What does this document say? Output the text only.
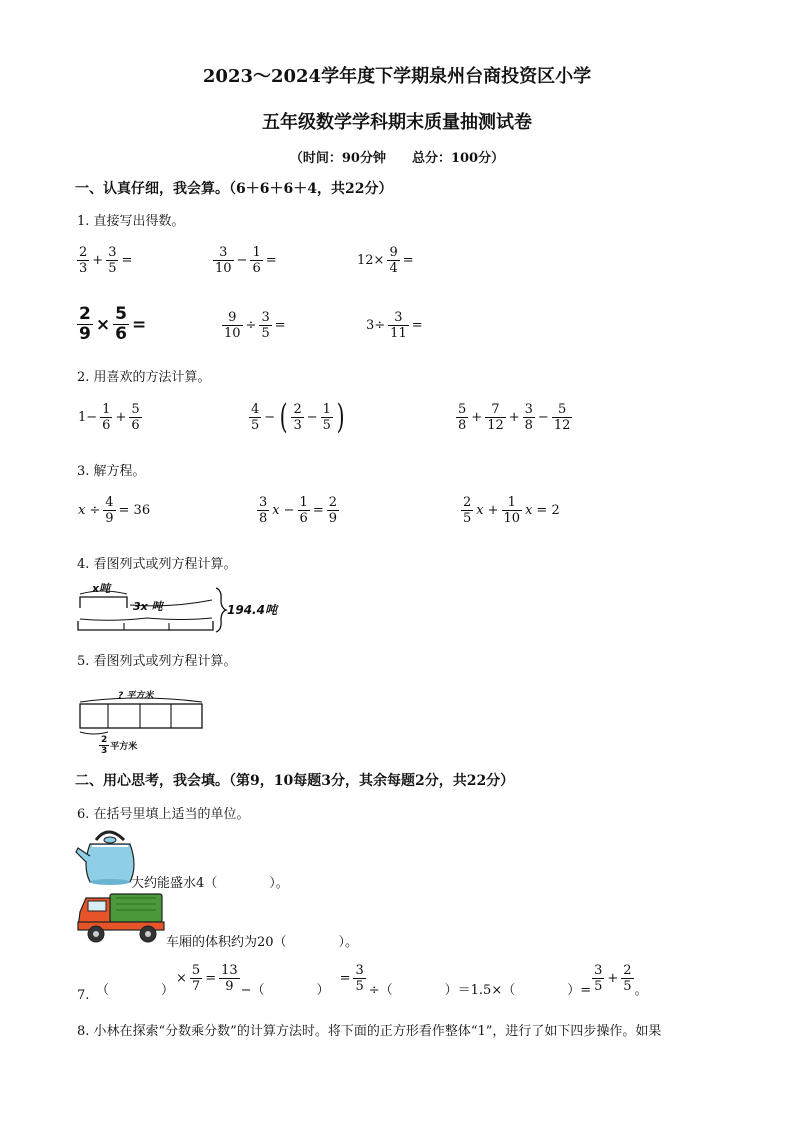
2023～2024学年度下学期泉州台商投资区小学
五年级数学学科期末质量抽测试卷
（时间：90分钟　　总分：100分）
一、认真仔细，我会算。（6＋6＋6＋4，共22分）
1. 直接写出得数。
$\frac{2}{3} + \frac{3}{5}$ =	$\frac{3}{10} - \frac{1}{6}$ =	$12\times \frac{9}{4}$ =
$\frac{2}{9} \times \frac{5}{6}$ =	$\frac{9}{10} \div \frac{3}{5}$ =	$3\div \frac{3}{11}$ =
2. 用喜欢的方法计算。
$1- \frac{1}{6} + \frac{5}{6}$	$\frac{4}{5}$ − ( $\frac{2}{3} - \frac{1}{5}$ )	$\frac{5}{8} + \frac{7}{12} + \frac{3}{8} - \frac{5}{12}$
3. 解方程。
$x \div \frac{4}{9} = 36$	$\frac{3}{8}$ $x - \frac{1}{6} = \frac{2}{9}$	$\frac{2}{5}$ $x + \frac{1}{10}$ x = 2
4. 看图列式或列方程计算。
x吨
3x 吨	194.4吨
5. 看图列式或列方程计算。
? 平方米
$\frac{2}{3}$ 平方米
二、用心思考，我会填。（第9，10每题3分，其余每题2分，共22分）
6. 在括号里填上适当的单位。
大约能盛水4（　　　　）。
车厢的体积约为20（　　　　）。
7. （　　　　）
× $\frac{5}{7} = \frac{13}{9}$ −（　　　　）
= $\frac{3}{5}$ ÷（　　　　）＝1.5×（　　　　）=
3
5
+ $\frac{2}{5}$ 。
8. 小林在探索“分数乘分数”的计算方法时。将下面的正方形看作整体“1”，进行了如下四步操作。如果
